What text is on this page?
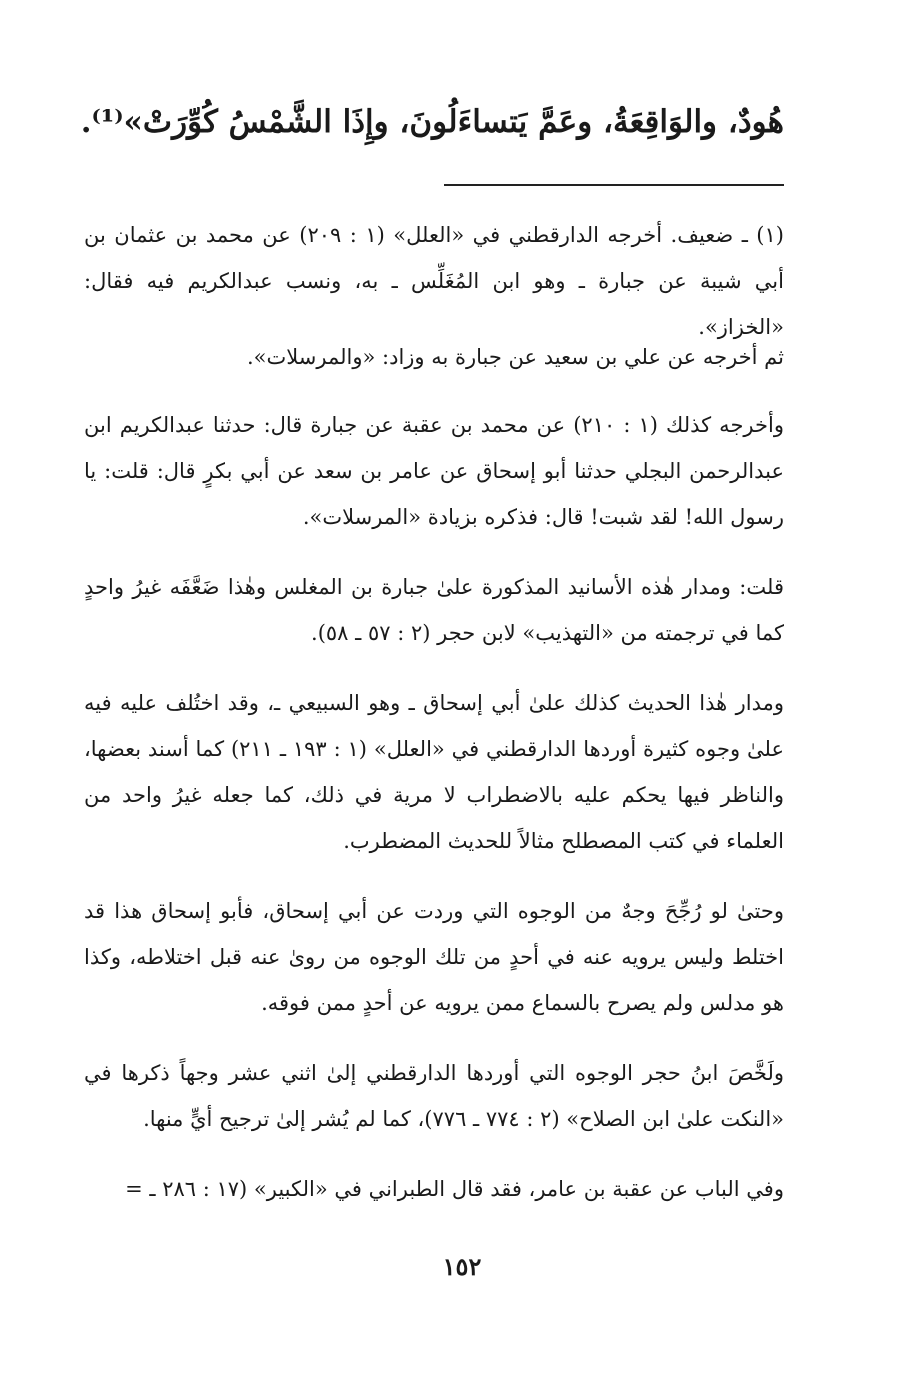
هُودٌ، والوَاقِعَةُ، وعَمَّ يَتساءَلُونَ، وإِذَا الشَّمْسُ كُوِّرَتْ»⁽¹⁾.

(١) ـ ضعيف. أخرجه الدارقطني في «العلل» (١ : ٢٠٩) عن محمد بن عثمان بن أبي شيبة عن جبارة ـ وهو ابن المُغَلِّس ـ به، ونسب عبدالكريم فيه فقال: «الخزاز».

ثم أخرجه عن علي بن سعيد عن جبارة به وزاد: «والمرسلات».

وأخرجه كذلك (١ : ٢١٠) عن محمد بن عقبة عن جبارة قال: حدثنا عبدالكريم ابن عبدالرحمن البجلي حدثنا أبو إسحاق عن عامر بن سعد عن أبي بكرٍ قال: قلت: يا رسول الله! لقد شبت! قال: فذكره بزيادة «المرسلات».

قلت: ومدار هٰذه الأسانيد المذكورة علىٰ جبارة بن المغلس وهٰذا ضَعَّفَه غيرُ واحدٍ كما في ترجمته من «التهذيب» لابن حجر (٢ : ٥٧ ـ ٥٨).

ومدار هٰذا الحديث كذلك علىٰ أبي إسحاق ـ وهو السبيعي ـ، وقد اختُلف عليه فيه علىٰ وجوه كثيرة أوردها الدارقطني في «العلل» (١ : ١٩٣ ـ ٢١١) كما أسند بعضها، والناظر فيها يحكم عليه بالاضطراب لا مرية في ذلك، كما جعله غيرُ واحد من العلماء في كتب المصطلح مثالاً للحديث المضطرب.

وحتىٰ لو رُجِّحَ وجهٌ من الوجوه التي وردت عن أبي إسحاق، فأبو إسحاق هذا قد اختلط وليس يرويه عنه في أحدٍ من تلك الوجوه من روىٰ عنه قبل اختلاطه، وكذا هو مدلس ولم يصرح بالسماع ممن يرويه عن أحدٍ ممن فوقه.

ولَخَّصَ ابنُ حجر الوجوه التي أوردها الدارقطني إلىٰ اثني عشر وجهاً ذكرها في «النكت علىٰ ابن الصلاح» (٢ : ٧٧٤ ـ ٧٧٦)، كما لم يُشر إلىٰ ترجيح أيٍّ منها.

وفي الباب عن عقبة بن عامر، فقد قال الطبراني في «الكبير» (١٧ : ٢٨٦ ـ =
١٥٢
